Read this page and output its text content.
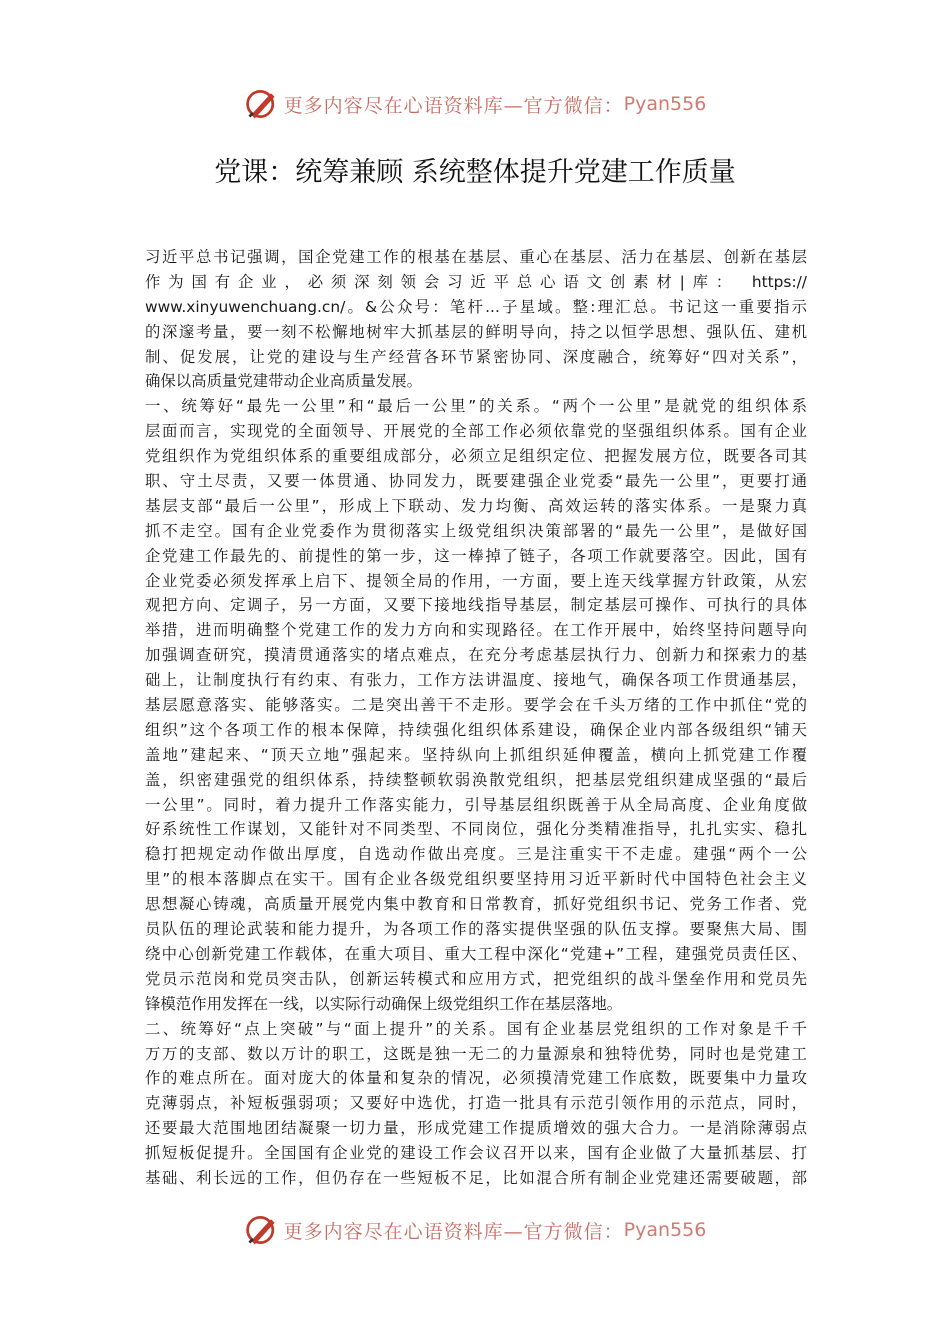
更多内容尽在心语资料库—官方微信： Pyan556
党课：统筹兼顾 系统整体提升党建工作质量
习近平总书记强调，国企党建工作的根基在基层、重心在基层、活力在基层、创新在基层
作为国有企业，必须深刻领会习近平总心语文创素材|库： https://
www.xinyuwenchuang.cn/。&公众号：笔杆...子星域。整:理汇总。书记这一重要指示
的深邃考量，要一刻不松懈地树牢大抓基层的鲜明导向，持之以恒学思想、强队伍、建机
制、促发展，让党的建设与生产经营各环节紧密协同、深度融合，统筹好“四对关系”，
确保以高质量党建带动企业高质量发展。
一、统筹好“最先一公里”和“最后一公里”的关系。“两个一公里”是就党的组织体系
层面而言，实现党的全面领导、开展党的全部工作必须依靠党的坚强组织体系。国有企业
党组织作为党组织体系的重要组成部分，必须立足组织定位、把握发展方位，既要各司其
职、守土尽责，又要一体贯通、协同发力，既要建强企业党委“最先一公里”，更要打通
基层支部“最后一公里”，形成上下联动、发力均衡、高效运转的落实体系。一是聚力真
抓不走空。国有企业党委作为贯彻落实上级党组织决策部署的“最先一公里”，是做好国
企党建工作最先的、前提性的第一步，这一棒掉了链子，各项工作就要落空。因此，国有
企业党委必须发挥承上启下、提领全局的作用，一方面，要上连天线掌握方针政策，从宏
观把方向、定调子，另一方面，又要下接地线指导基层，制定基层可操作、可执行的具体
举措，进而明确整个党建工作的发力方向和实现路径。在工作开展中，始终坚持问题导向
加强调查研究，摸清贯通落实的堵点难点，在充分考虑基层执行力、创新力和探索力的基
础上，让制度执行有约束、有张力，工作方法讲温度、接地气，确保各项工作贯通基层，
基层愿意落实、能够落实。二是突出善干不走形。要学会在千头万绪的工作中抓住“党的
组织”这个各项工作的根本保障，持续强化组织体系建设，确保企业内部各级组织“铺天
盖地”建起来、“顶天立地”强起来。坚持纵向上抓组织延伸覆盖，横向上抓党建工作覆
盖，织密建强党的组织体系，持续整顿软弱涣散党组织，把基层党组织建成坚强的“最后
一公里”。同时，着力提升工作落实能力，引导基层组织既善于从全局高度、企业角度做
好系统性工作谋划，又能针对不同类型、不同岗位，强化分类精准指导，扎扎实实、稳扎
稳打把规定动作做出厚度，自选动作做出亮度。三是注重实干不走虚。建强“两个一公
里”的根本落脚点在实干。国有企业各级党组织要坚持用习近平新时代中国特色社会主义
思想凝心铸魂，高质量开展党内集中教育和日常教育，抓好党组织书记、党务工作者、党
员队伍的理论武装和能力提升，为各项工作的落实提供坚强的队伍支撑。要聚焦大局、围
绕中心创新党建工作载体，在重大项目、重大工程中深化“党建+”工程，建强党员责任区、
党员示范岗和党员突击队，创新运转模式和应用方式，把党组织的战斗堡垒作用和党员先
锋模范作用发挥在一线，以实际行动确保上级党组织工作在基层落地。
二、统筹好“点上突破”与“面上提升”的关系。国有企业基层党组织的工作对象是千千
万万的支部、数以万计的职工，这既是独一无二的力量源泉和独特优势，同时也是党建工
作的难点所在。面对庞大的体量和复杂的情况，必须摸清党建工作底数，既要集中力量攻
克薄弱点，补短板强弱项；又要好中选优，打造一批具有示范引领作用的示范点，同时，
还要最大范围地团结凝聚一切力量，形成党建工作提质增效的强大合力。一是消除薄弱点
抓短板促提升。全国国有企业党的建设工作会议召开以来，国有企业做了大量抓基层、打
基础、利长远的工作，但仍存在一些短板不足，比如混合所有制企业党建还需要破题，部
更多内容尽在心语资料库—官方微信： Pyan556
